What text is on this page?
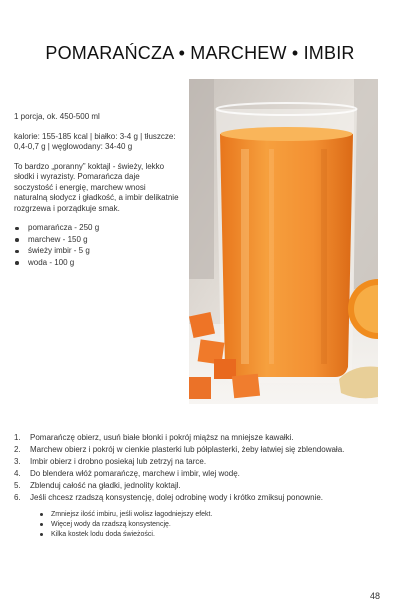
POMARAŃCZA • MARCHEW • IMBIR

1 porcja, ok. 450-500 ml

kalorie: 155-185 kcal | białko: 3-4 g | tłuszcze: 0,4-0,7 g | węglowodany: 34-40 g

To bardzo „poranny” koktajl - świeży, lekko słodki i wyrazisty. Pomarańcza daje soczystość i energię, marchew wnosi naturalną słodycz i gładkość, a imbir delikatnie rozgrzewa i porządkuje smak.

pomarańcza - 250 g
marchew - 150 g
świeży imbir - 5 g
woda - 100 g
1. Pomarańczę obierz, usuń białe błonki i pokrój miąższ na mniejsze kawałki.
2. Marchew obierz i pokrój w cienkie plasterki lub półplasterki, żeby łatwiej się zblendowała.
3. Imbir obierz i drobno posiekaj lub zetrzyj na tarce.
4. Do blendera włóż pomarańczę, marchew i imbir, wlej wodę.
5. Zblenduj całość na gładki, jednolity koktajl.
6. Jeśli chcesz rzadszą konsystencję, dolej odrobinę wody i krótko zmiksuj ponownie.
Zmniejsz ilość imbiru, jeśli wolisz łagodniejszy efekt.
Więcej wody da rzadszą konsystencję.
Kilka kostek lodu doda świeżości.
48
